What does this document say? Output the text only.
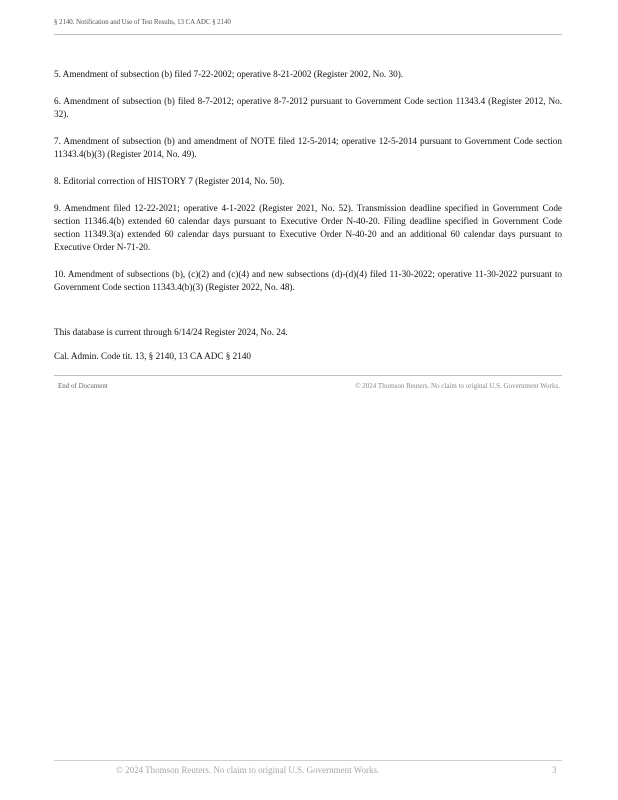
§ 2140. Notification and Use of Test Results, 13 CA ADC § 2140

5. Amendment of subsection (b) filed 7-22-2002; operative 8-21-2002 (Register 2002, No. 30).

6. Amendment of subsection (b) filed 8-7-2012; operative 8-7-2012 pursuant to Government Code section 11343.4 (Register 2012, No. 32).

7. Amendment of subsection (b) and amendment of NOTE filed 12-5-2014; operative 12-5-2014 pursuant to Government Code section 11343.4(b)(3) (Register 2014, No. 49).

8. Editorial correction of HISTORY 7 (Register 2014, No. 50).

9. Amendment filed 12-22-2021; operative 4-1-2022 (Register 2021, No. 52). Transmission deadline specified in Government Code section 11346.4(b) extended 60 calendar days pursuant to Executive Order N-40-20. Filing deadline specified in Government Code section 11349.3(a) extended 60 calendar days pursuant to Executive Order N-40-20 and an additional 60 calendar days pursuant to Executive Order N-71-20.

10. Amendment of subsections (b), (c)(2) and (c)(4) and new subsections (d)-(d)(4) filed 11-30-2022; operative 11-30-2022 pursuant to Government Code section 11343.4(b)(3) (Register 2022, No. 48).

This database is current through 6/14/24 Register 2024, No. 24.
Cal. Admin. Code tit. 13, § 2140, 13 CA ADC § 2140
End of Document	© 2024 Thomson Reuters. No claim to original U.S. Government Works.
© 2024 Thomson Reuters. No claim to original U.S. Government Works.	3
